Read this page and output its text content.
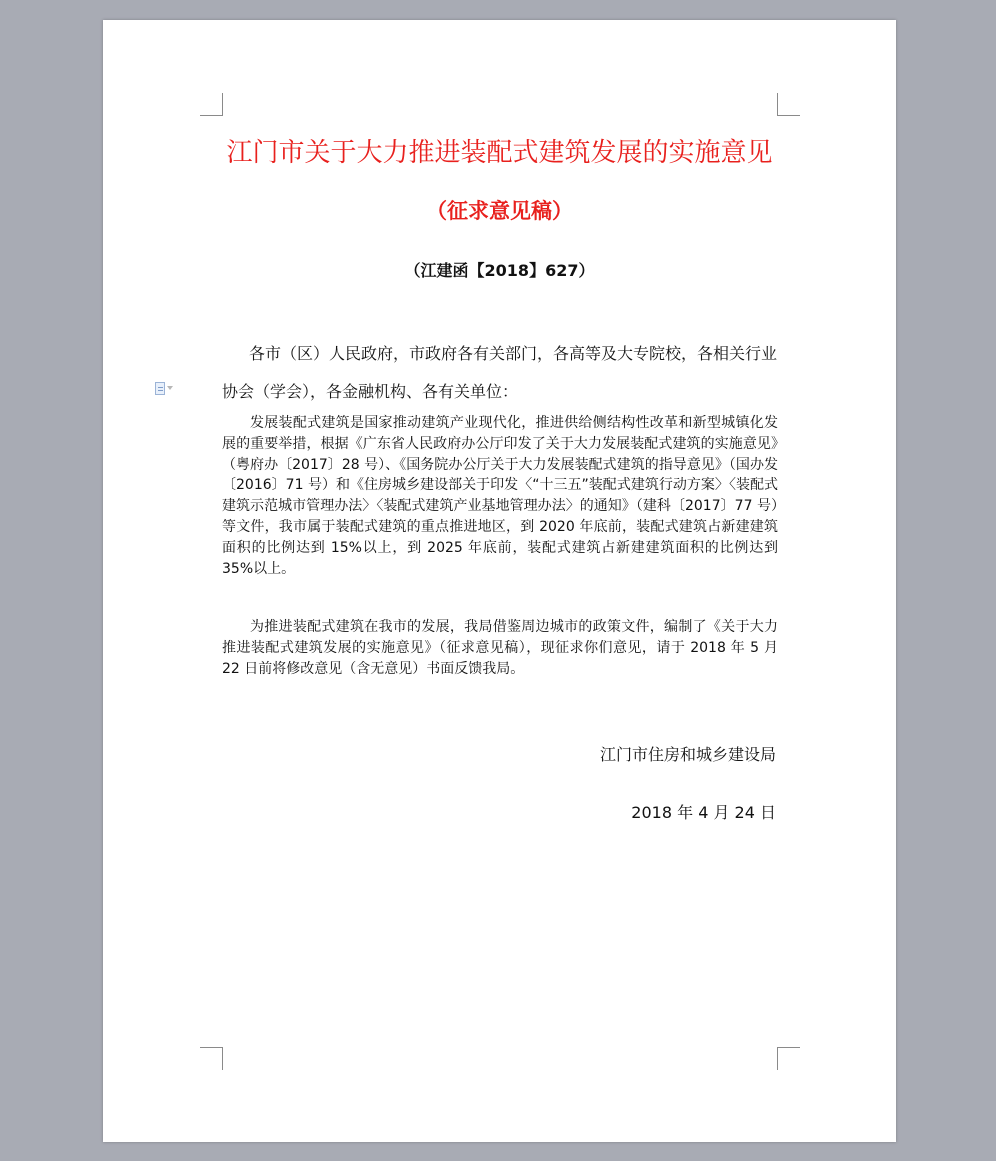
江门市关于大力推进装配式建筑发展的实施意见
（征求意见稿）
（江建函【2018】627）
各市（区）人民政府，市政府各有关部门，各高等及大专院校，各相关行业
协会（学会），各金融机构、各有关单位：

发展装配式建筑是国家推动建筑产业现代化，推进供给侧结构性改革和新型城镇化发展的重要举措，根据《广东省人民政府办公厅印发了关于大力发展装配式建筑的实施意见》（粤府办〔2017〕28 号）、《国务院办公厅关于大力发展装配式建筑的指导意见》（国办发〔2016〕71 号）和《住房城乡建设部关于印发〈“十三五”装配式建筑行动方案〉〈装配式建筑示范城市管理办法〉〈装配式建筑产业基地管理办法〉的通知》（建科〔2017〕77 号）等文件，我市属于装配式建筑的重点推进地区，到 2020 年底前，装配式建筑占新建建筑面积的比例达到 15%以上，到 2025 年底前，装配式建筑占新建建筑面积的比例达到 35%以上。

为推进装配式建筑在我市的发展，我局借鉴周边城市的政策文件，编制了《关于大力推进装配式建筑发展的实施意见》（征求意见稿），现征求你们意见，请于 2018 年 5 月 22 日前将修改意见（含无意见）书面反馈我局。

江门市住房和城乡建设局
2018 年 4 月 24 日
